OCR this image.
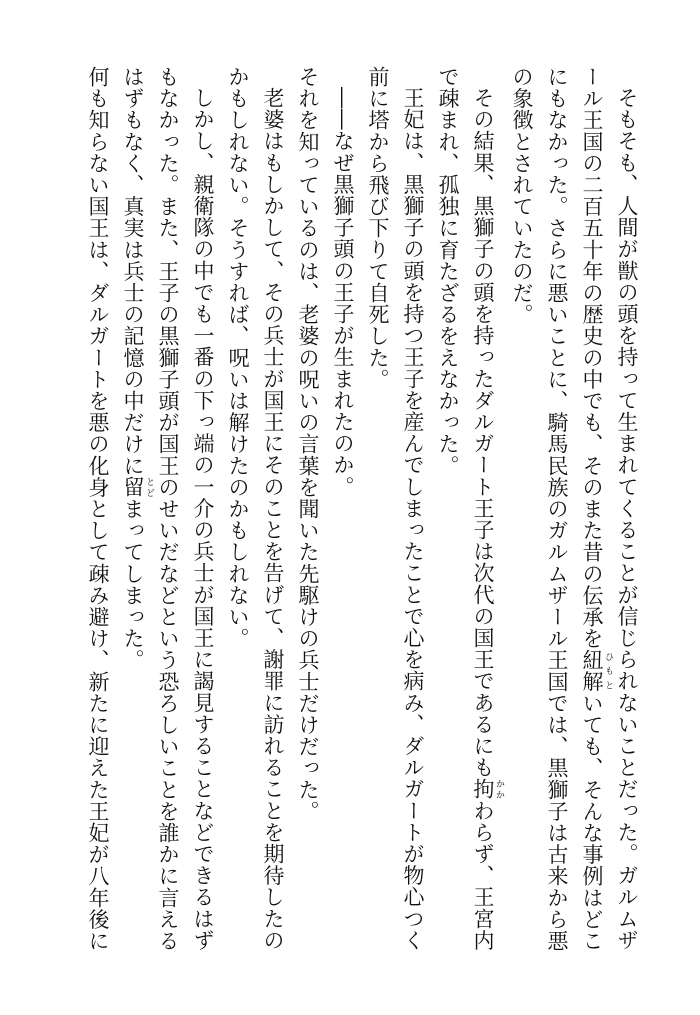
そもそも、人間が獣の頭を持って生まれてくることが信じられないことだった。ガルムザール王国の二百五十年の歴史の中でも、そのまた昔の伝承を紐解 ひもといても、そんな事例はどこにもなかった。さらに悪いことに、騎馬民族のガルムザール王国では、黒獅子は古来から悪の象徴とされていたのだ。

その結果、黒獅子の頭を持ったダルガート王子は次代の国王であるにも拘 かかわらず、王宮内で疎まれ、孤独に育たざるをえなかった。

王妃は、黒獅子の頭を持つ王子を産んでしまったことで心を病み、ダルガートが物心つく前に塔から飛び下りて自死した。

――なぜ黒獅子頭の王子が生まれたのか。

それを知っているのは、老婆の呪いの言葉を聞いた先駆けの兵士だけだった。

老婆はもしかして、その兵士が国王にそのことを告げて、謝罪に訪れることを期待したのかもしれない。そうすれば、呪いは解けたのかもしれない。

しかし、親衛隊の中でも一番の下っ端の一介の兵士が国王に謁見することなどできるはずもなかった。また、王子の黒獅子頭が国王のせいだなどという恐ろしいことを誰かに言えるはずもなく、真実は兵士の記憶の中だけに留 とどまってしまった。

何も知らない国王は、ダルガートを悪の化身として疎み避け、新たに迎えた王妃が八年後に
